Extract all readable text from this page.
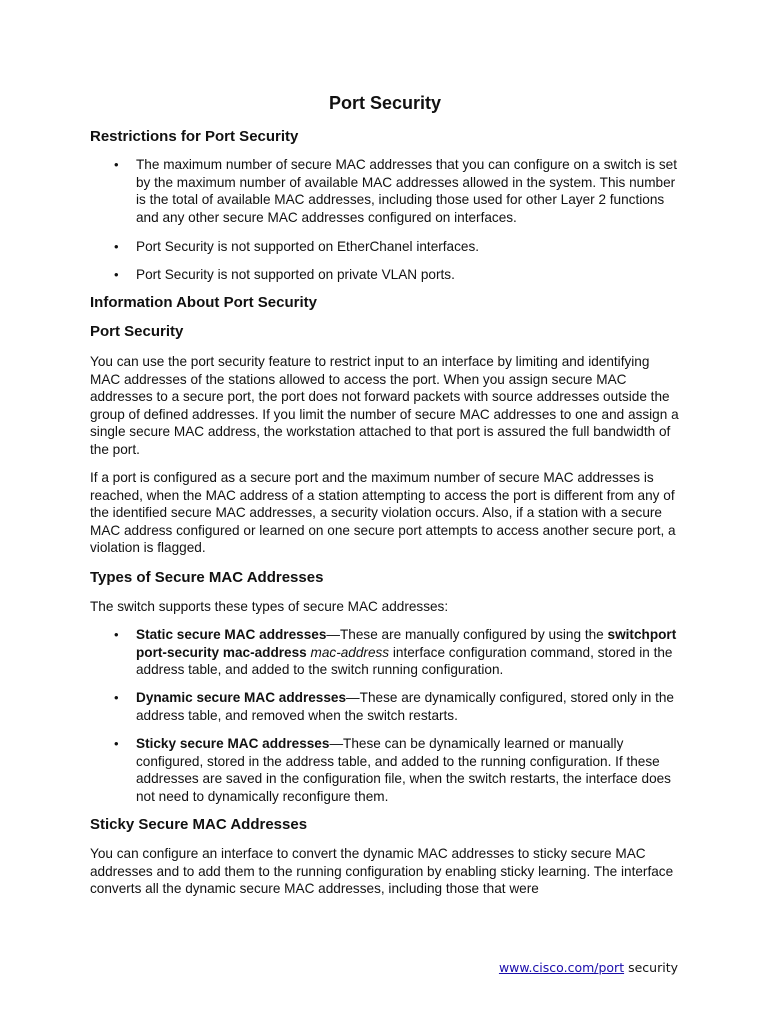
Port Security
Restrictions for Port Security
• The maximum number of secure MAC addresses that you can configure on a switch is set by the maximum number of available MAC addresses allowed in the system. This number is the total of available MAC addresses, including those used for other Layer 2 functions and any other secure MAC addresses configured on interfaces.
• Port Security is not supported on EtherChanel interfaces.
• Port Security is not supported on private VLAN ports.
Information About Port Security
Port Security

You can use the port security feature to restrict input to an interface by limiting and identifying MAC addresses of the stations allowed to access the port. When you assign secure MAC addresses to a secure port, the port does not forward packets with source addresses outside the group of defined addresses. If you limit the number of secure MAC addresses to one and assign a single secure MAC address, the workstation attached to that port is assured the full bandwidth of the port.

If a port is configured as a secure port and the maximum number of secure MAC addresses is reached, when the MAC address of a station attempting to access the port is different from any of the identified secure MAC addresses, a security violation occurs. Also, if a station with a secure MAC address configured or learned on one secure port attempts to access another secure port, a violation is flagged.

Types of Secure MAC Addresses

The switch supports these types of secure MAC addresses:

• Static secure MAC addresses—These are manually configured by using the switchport port-security mac-address mac-address interface configuration command, stored in the address table, and added to the switch running configuration.
• Dynamic secure MAC addresses—These are dynamically configured, stored only in the address table, and removed when the switch restarts.
• Sticky secure MAC addresses—These can be dynamically learned or manually configured, stored in the address table, and added to the running configuration. If these addresses are saved in the configuration file, when the switch restarts, the interface does not need to dynamically reconfigure them.
Sticky Secure MAC Addresses

You can configure an interface to convert the dynamic MAC addresses to sticky secure MAC addresses and to add them to the running configuration by enabling sticky learning. The interface converts all the dynamic secure MAC addresses, including those that were

www.cisco.com/port security
